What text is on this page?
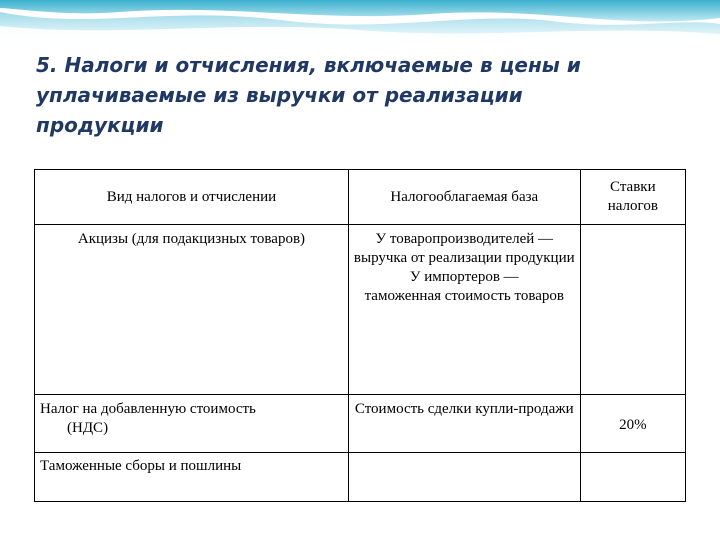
5. Налоги и отчисления, включаемые в цены и
уплачиваемые из выручки от реализации
продукции
Вид налогов и отчислении	Налогооблагаемая база	Ставки налогов
Акцизы (для подакцизных товаров)	У товаропроизводителей —
выручка от реализации продукции
У импортеров —
таможенная стоимость товаров	

Налог на добавленную стоимость
(НДС)	Стоимость сделки купли-продажи	20%
Таможенные сборы и пошлины		
